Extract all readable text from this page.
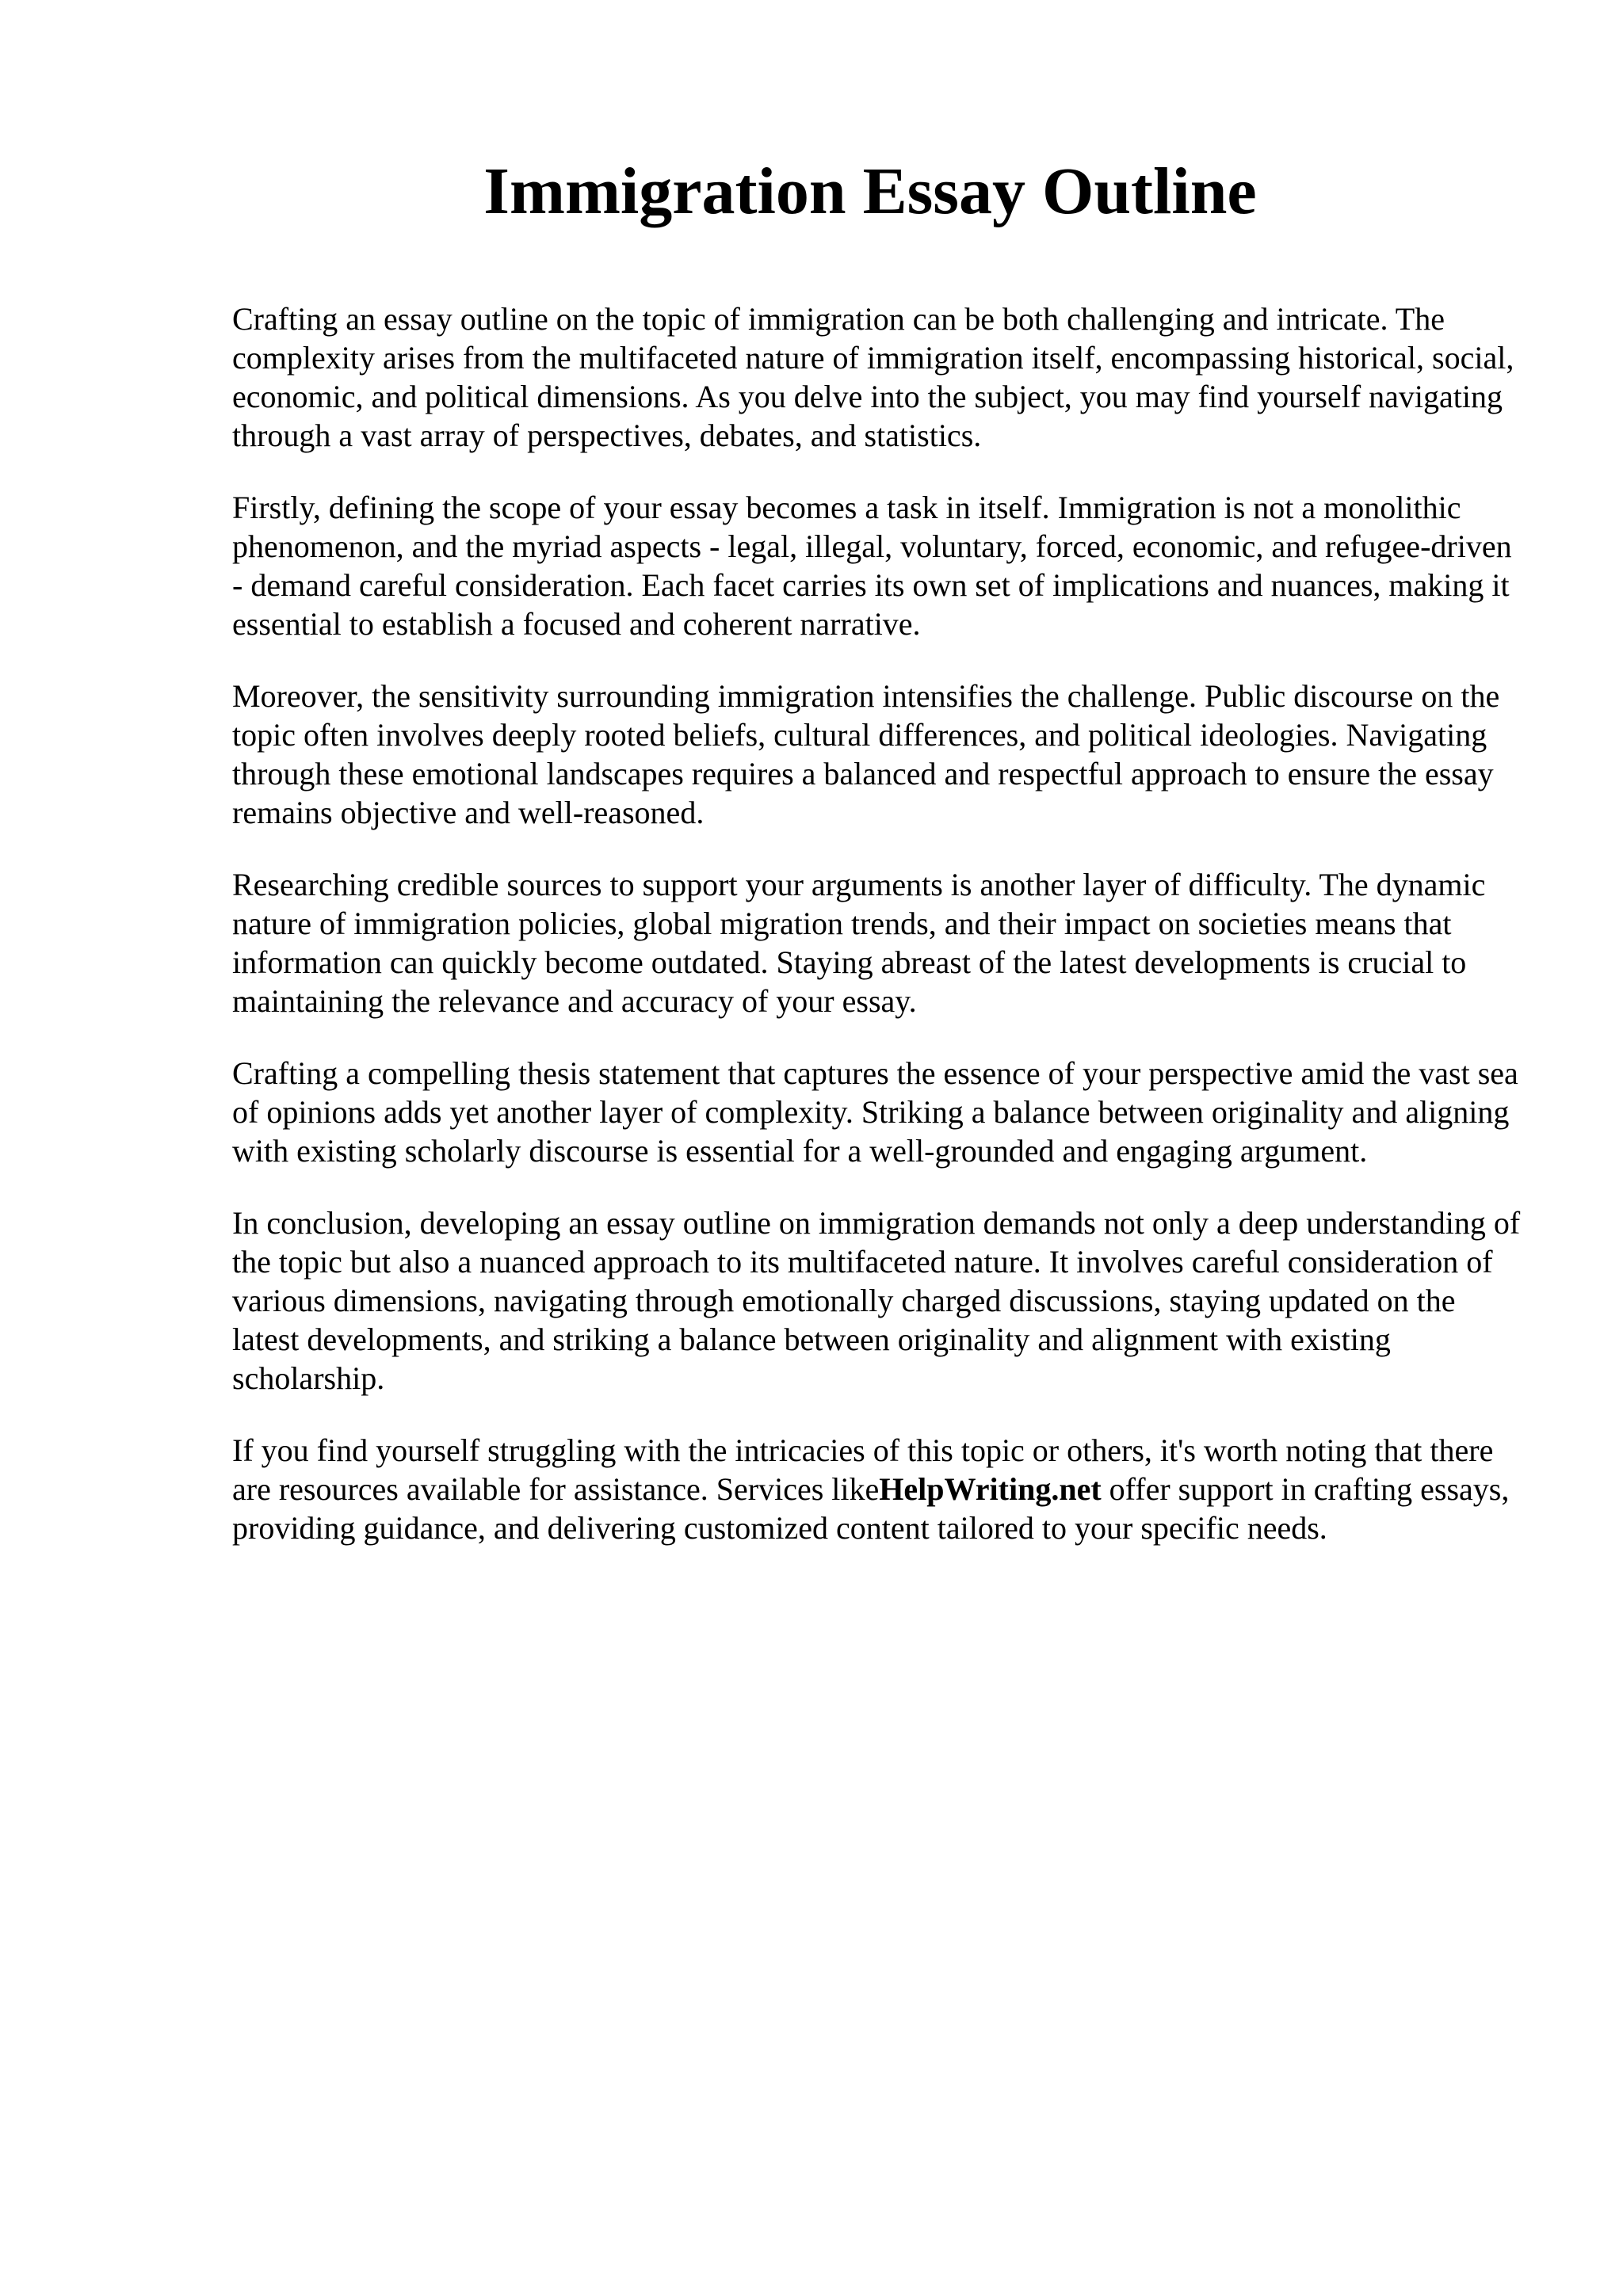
Immigration Essay Outline

Crafting an essay outline on the topic of immigration can be both challenging and intricate. The complexity arises from the multifaceted nature of immigration itself, encompassing historical, social, economic, and political dimensions. As you delve into the subject, you may find yourself navigating through a vast array of perspectives, debates, and statistics.

Firstly, defining the scope of your essay becomes a task in itself. Immigration is not a monolithic phenomenon, and the myriad aspects - legal, illegal, voluntary, forced, economic, and refugee-driven - demand careful consideration. Each facet carries its own set of implications and nuances, making it essential to establish a focused and coherent narrative.

Moreover, the sensitivity surrounding immigration intensifies the challenge. Public discourse on the topic often involves deeply rooted beliefs, cultural differences, and political ideologies. Navigating through these emotional landscapes requires a balanced and respectful approach to ensure the essay remains objective and well-reasoned.

Researching credible sources to support your arguments is another layer of difficulty. The dynamic nature of immigration policies, global migration trends, and their impact on societies means that information can quickly become outdated. Staying abreast of the latest developments is crucial to maintaining the relevance and accuracy of your essay.

Crafting a compelling thesis statement that captures the essence of your perspective amid the vast sea of opinions adds yet another layer of complexity. Striking a balance between originality and aligning with existing scholarly discourse is essential for a well-grounded and engaging argument.

In conclusion, developing an essay outline on immigration demands not only a deep understanding of the topic but also a nuanced approach to its multifaceted nature. It involves careful consideration of various dimensions, navigating through emotionally charged discussions, staying updated on the latest developments, and striking a balance between originality and alignment with existing scholarship.

If you find yourself struggling with the intricacies of this topic or others, it's worth noting that there are resources available for assistance. Services likeHelpWriting.net offer support in crafting essays, providing guidance, and delivering customized content tailored to your specific needs.
